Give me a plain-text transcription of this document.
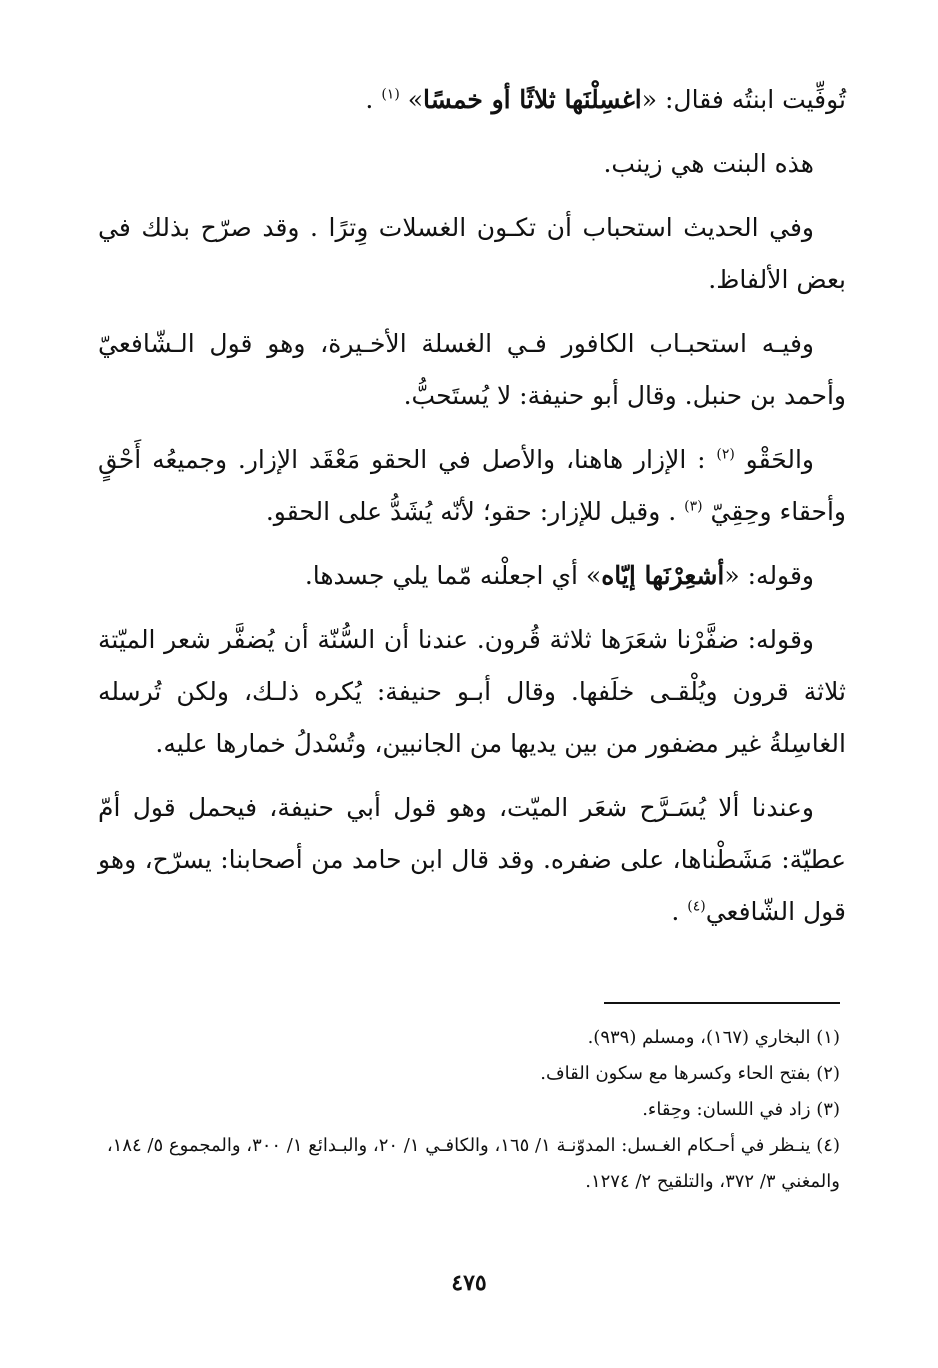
تُوفِّيت ابنتُه فقال: «اغسِلْنَها ثلاثًا أو خمسًا» $^{(١)}$ .

هذه البنت هي زينب.

وفي الحديث استحباب أن تكـون الغسلات وِترًا . وقد صرّح بذلك في بعض الألفاظ.

وفيـه استحبـاب الكافور فـي الغسلة الأخـيرة، وهو قول الـشّافعيّ وأحمد بن حنبل. وقال أبو حنيفة: لا يُستَحبُّ.

والحَقْو $^{(٢)}$ : الإزار هاهنا، والأصل في الحقو مَعْقَد الإزار. وجميعُه أَحْقٍ وأحقاء وحِقِيّ $^{(٣)}$ . وقيل للإزار: حقو؛ لأنّه يُشَدُّ على الحقو.

وقوله: «أشعِرْنَها إيّاه» أي اجعلْنه مّما يلي جسدها.

وقوله: ضفَّرْنا شعَرَها ثلاثة قُرون. عندنا أن السُّنّة أن يُضفَّر شعر الميّتة ثلاثة قرون ويُلْقـى خلَفها. وقال أبـو حنيفة: يُكره ذلـك، ولكن تُرسله الغاسِلةُ غير مضفور من بين يديها من الجانبين، وتُسْدلُ خمارها عليه.

وعندنا ألا يُسَـرَّح شعَر الميّت، وهو قول أبي حنيفة، فيحمل قول أمّ عطيّة: مَشَطْناها، على ضفره. وقد قال ابن حامد من أصحابنا: يسرّح، وهو قول الشّافعي$^{(٤)}$ .

(١) البخاري (١٦٧)، ومسلم (٩٣٩).

(٢) بفتح الحاء وكسرها مع سكون القاف.

(٣) زاد في اللسان: وحِقاء.

(٤) ينـظر في أحـكام الغـسل: المدوّنـة ١/ ١٦٥، والكافـي ١/ ٢٠، والبـدائع ١/ ٣٠٠، والمجموع ٥/ ١٨٤، والمغني ٣/ ٣٧٢، والتلقيح ٢/ ١٢٧٤.

٤٧٥
